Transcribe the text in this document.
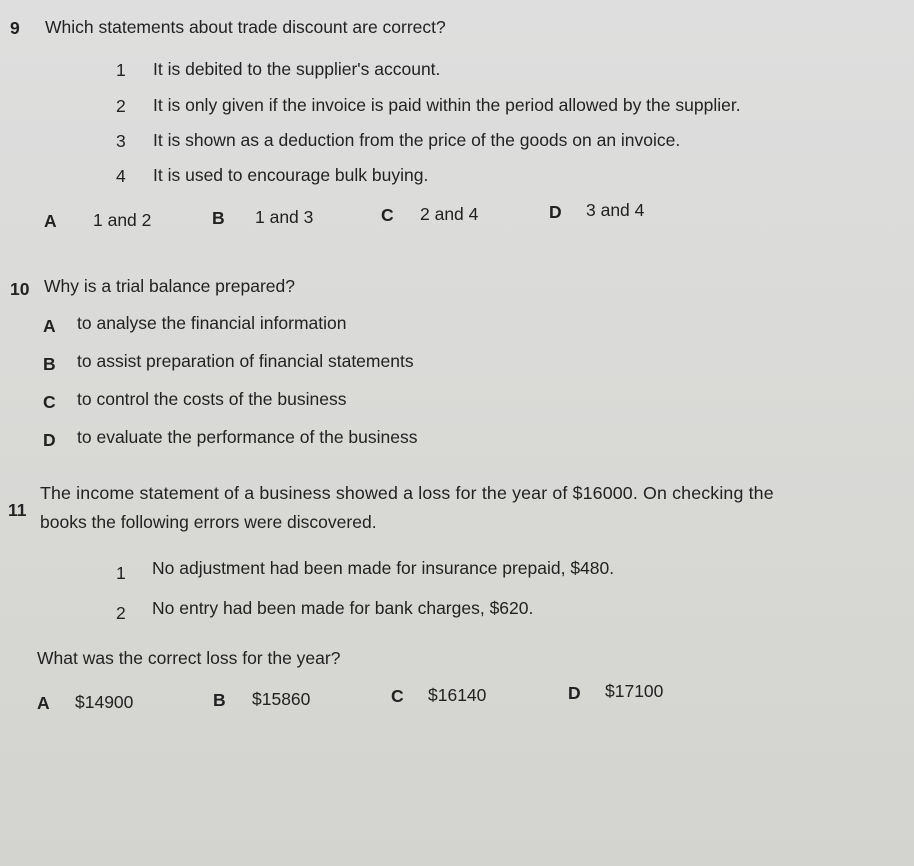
9 Which statements about trade discount are correct?
1 It is debited to the supplier's account.
2 It is only given if the invoice is paid within the period allowed by the supplier.
3 It is shown as a deduction from the price of the goods on an invoice.
4 It is used to encourage bulk buying.
A 1 and 2	B 1 and 3	C 2 and 4	D 3 and 4
10 Why is a trial balance prepared?
A to analyse the financial information
B to assist preparation of financial statements
C to control the costs of the business
D to evaluate the performance of the business
11
The income statement of a business showed a loss for the year of $16000. On checking the
books the following errors were discovered.
1 No adjustment had been made for insurance prepaid, $480.
2 No entry had been made for bank charges, $620.
What was the correct loss for the year?
A $14900	B $15860	C $16140	D $17100
